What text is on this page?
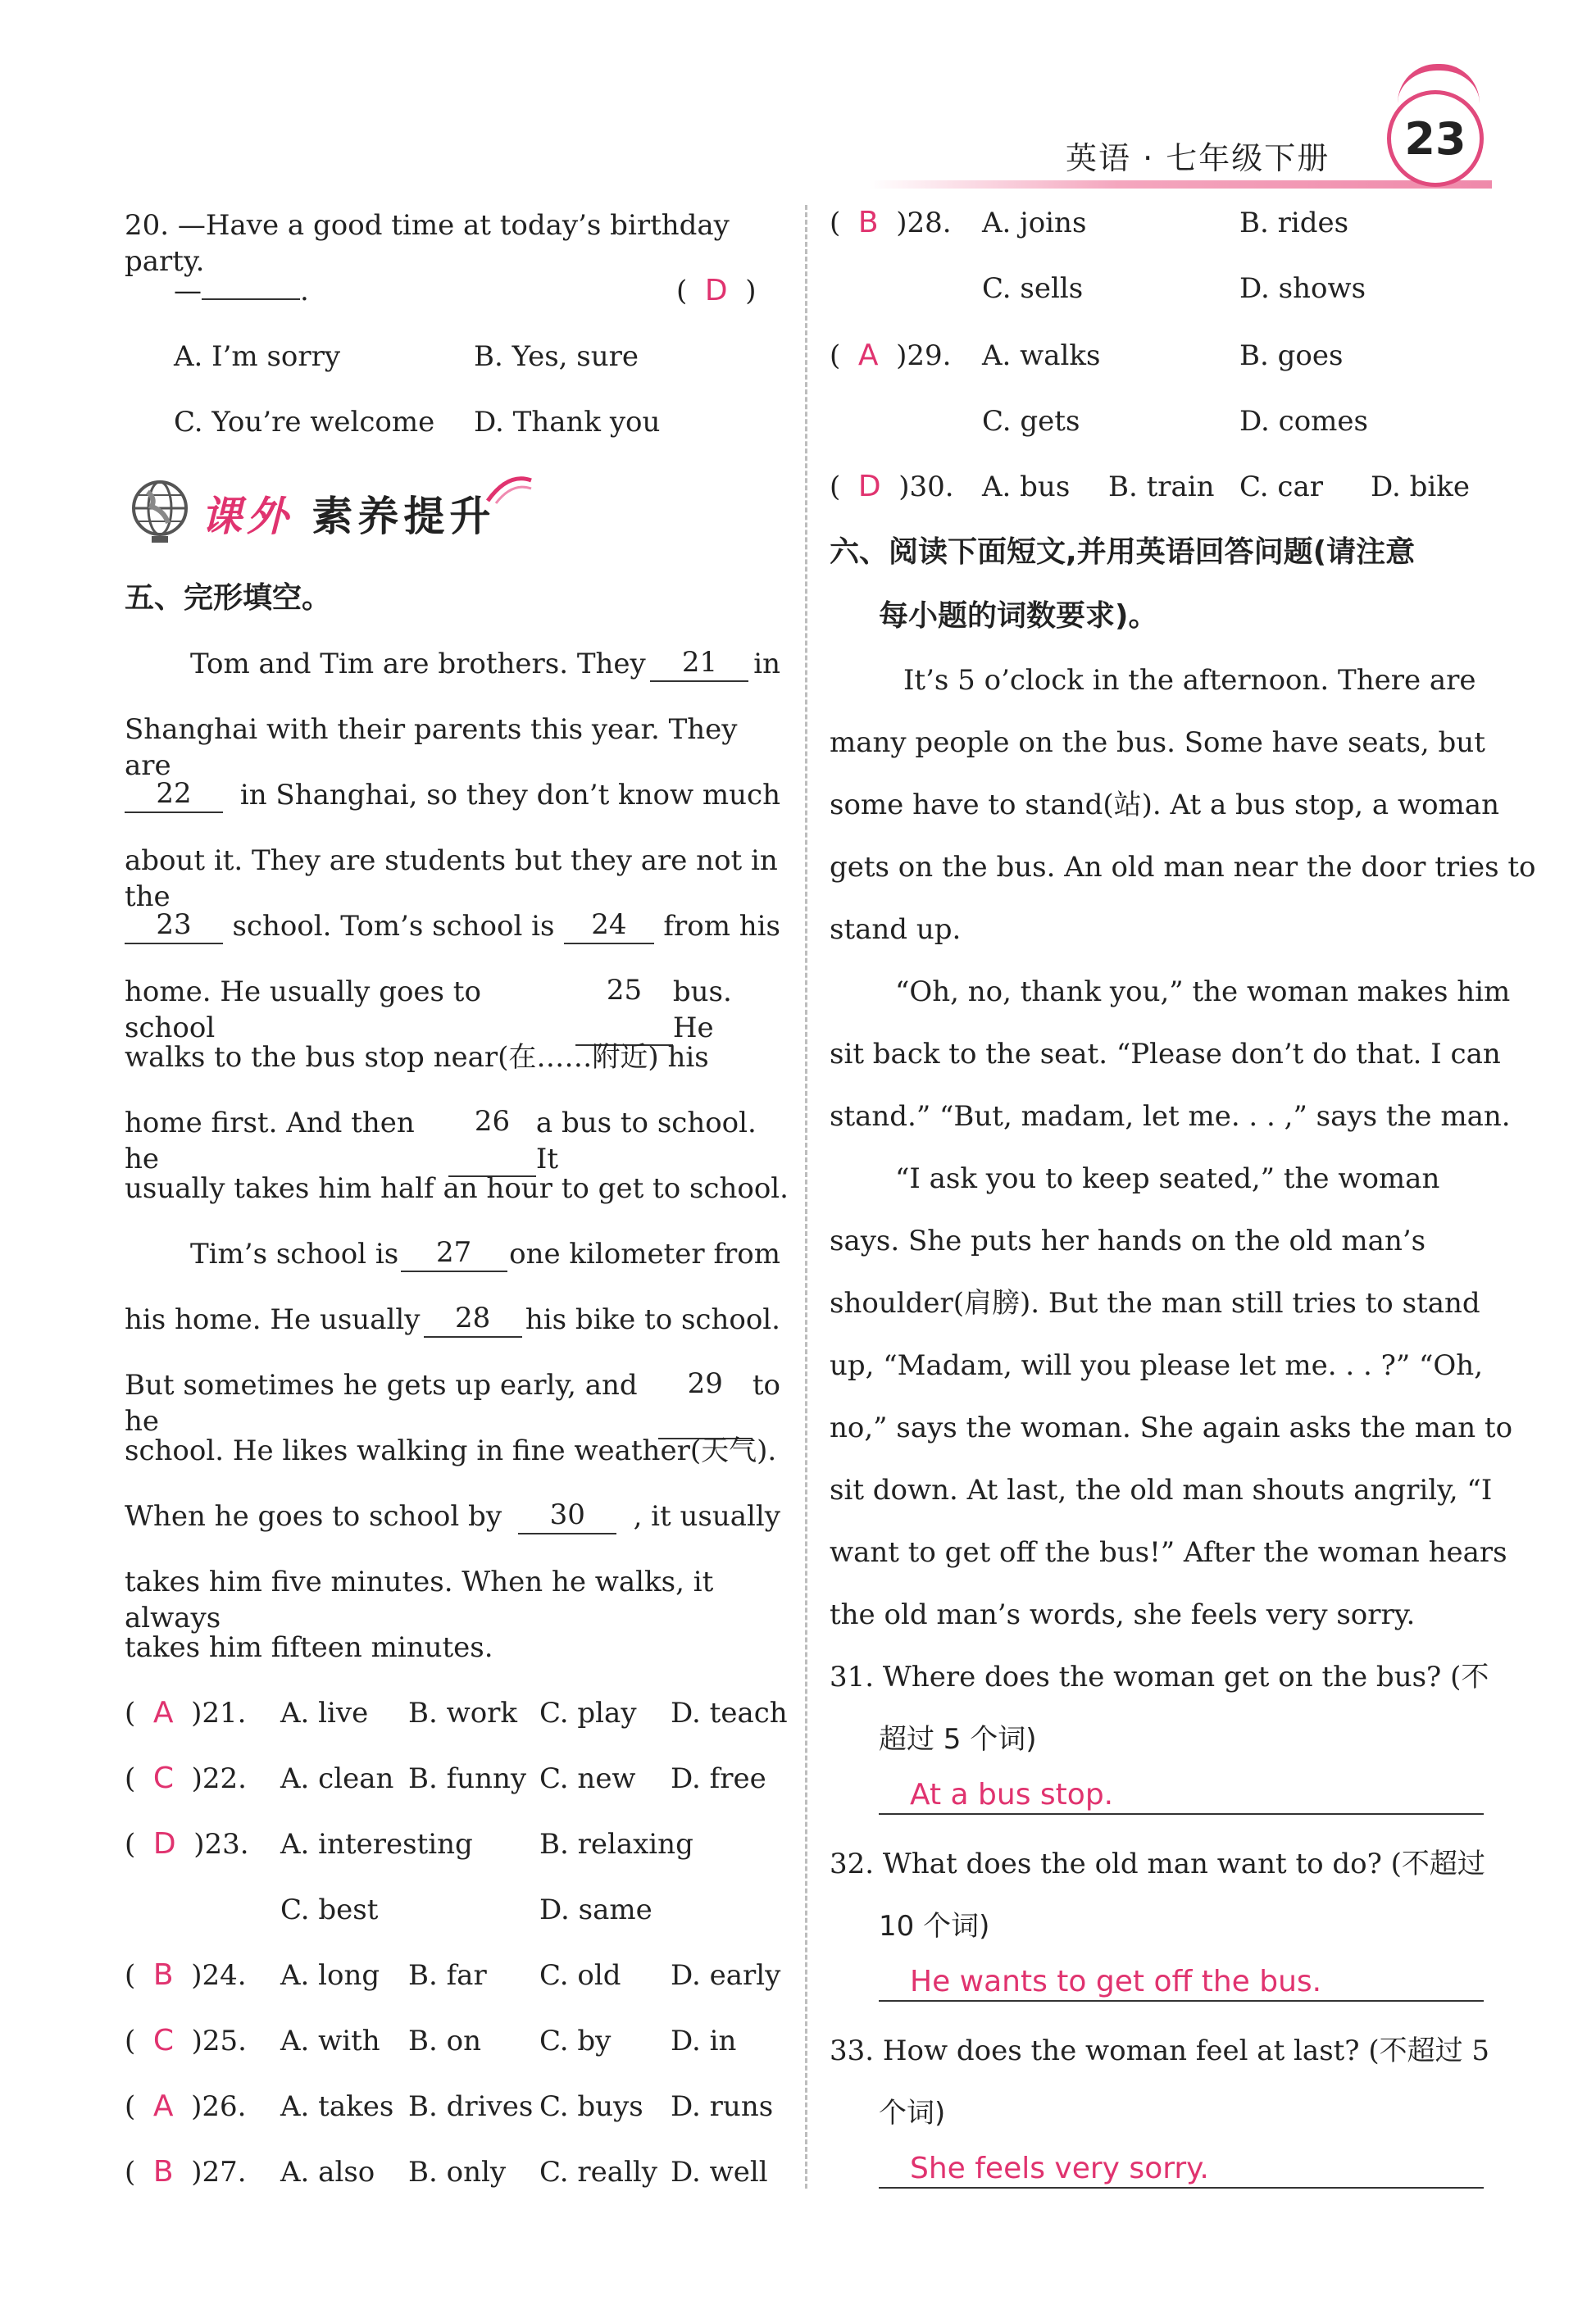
英语 · 七年级下册	23
20. —Have a good time at today’s birthday party.
—	.	(  D  )
A. I’m sorry	B. Yes, sure
C. You’re welcome D. Thank you
课外 素养提升
五、完形填空。
Tom and Tim are brothers. They	21	in
Shanghai with their parents this year. They are
22	in Shanghai, so they don’t know much
about it. They are students but they are not in the
23	school. Tom’s school is	24	from his
home. He usually goes to school
25	bus. He
walks to the bus stop near(在……附近) his
home first. And then he
26 a bus to school. It
usually takes him half an hour to get to school.
Tim’s school is	27	one kilometer from
his home. He usually	28	his bike to school.
But sometimes he gets up early, and he
29	to
school. He likes walking in fine weather(天气).
When he goes to school by	30	, it usually
takes him five minutes. When he walks, it always
takes him fifteen minutes.
(  A )21. A. live B. work C. play D. teach
(  C )22. A. clean B. funny C. new D. free
(  D )23. A. interesting B. relaxing
C. best	D. same
(  B )24. A. long B. far C. old D. early
(  C )25. A. with B. on C. by D. in
(  A )26. A. takes B. drives C. buys D. runs
(  B )27. A. also B. only C. really D. well
(  B )28. A. joins	B. rides
C. sells	D. shows
(  A )29. A. walks	B. goes
C. gets	D. comes
(  D )30. A. bus B. train C. car D. bike
六、阅读下面短文,并用英语回答问题(请注意
每小题的词数要求)。
It’s 5 o’clock in the afternoon. There are
many people on the bus. Some have seats, but
some have to stand(站). At a bus stop, a woman
gets on the bus. An old man near the door tries to
stand up.
“Oh, no, thank you,” the woman makes him
sit back to the seat. “Please don’t do that. I can
stand.” “But, madam, let me. . . ,” says the man.
“I ask you to keep seated,” the woman
says. She puts her hands on the old man’s
shoulder(肩膀). But the man still tries to stand
up, “Madam, will you please let me. . . ?” “Oh,
no,” says the woman. She again asks the man to
sit down. At last, the old man shouts angrily, “I
want to get off the bus!” After the woman hears
the old man’s words, she feels very sorry.
31. Where does the woman get on the bus? (不
超过 5 个词)
At a bus stop.
32. What does the old man want to do? (不超过
10 个词)
He wants to get off the bus.
33. How does the woman feel at last? (不超过 5
个词)
She feels very sorry.
